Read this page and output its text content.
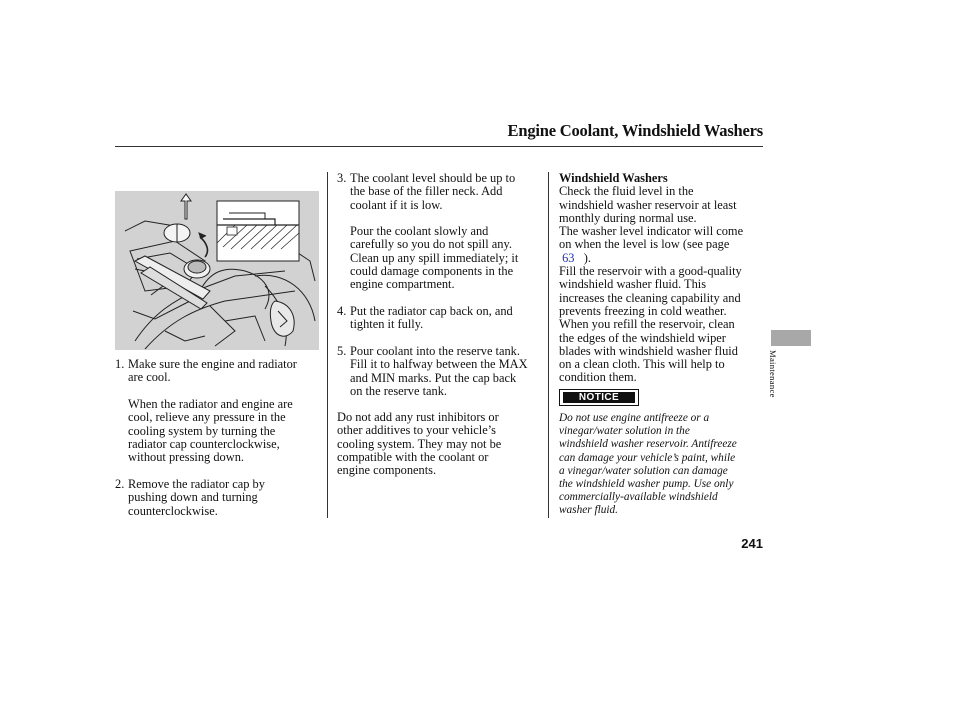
Engine Coolant, Windshield Washers
1. Make sure the engine and radiator
are cool.
When the radiator and engine are
cool, relieve any pressure in the
cooling system by turning the
radiator cap counterclockwise,
without pressing down.
2. Remove the radiator cap by
pushing down and turning
counterclockwise.
3. The coolant level should be up to
the base of the filler neck. Add
coolant if it is low.
Pour the coolant slowly and
carefully so you do not spill any.
Clean up any spill immediately; it
could damage components in the
engine compartment.
4. Put the radiator cap back on, and
tighten it fully.
5. Pour coolant into the reserve tank.
Fill it to halfway between the MAX
and MIN marks. Put the cap back
on the reserve tank.
Do not add any rust inhibitors or
other additives to your vehicle’s
cooling system. They may not be
compatible with the coolant or
engine components.
Windshield Washers
Check the fluid level in the
windshield washer reservoir at least
monthly during normal use.
The washer level indicator will come
on when the level is low (see page
63   ).
Fill the reservoir with a good-quality
windshield washer fluid. This
increases the cleaning capability and
prevents freezing in cold weather.
When you refill the reservoir, clean
the edges of the windshield wiper
blades with windshield washer fluid
on a clean cloth. This will help to
condition them.
NOTICE
Do not use engine antifreeze or a
vinegar/water solution in the
windshield washer reservoir. Antifreeze
can damage your vehicle’s paint, while
a vinegar/water solution can damage
the windshield washer pump. Use only
commercially-available windshield
washer fluid.
Maintenance
241
